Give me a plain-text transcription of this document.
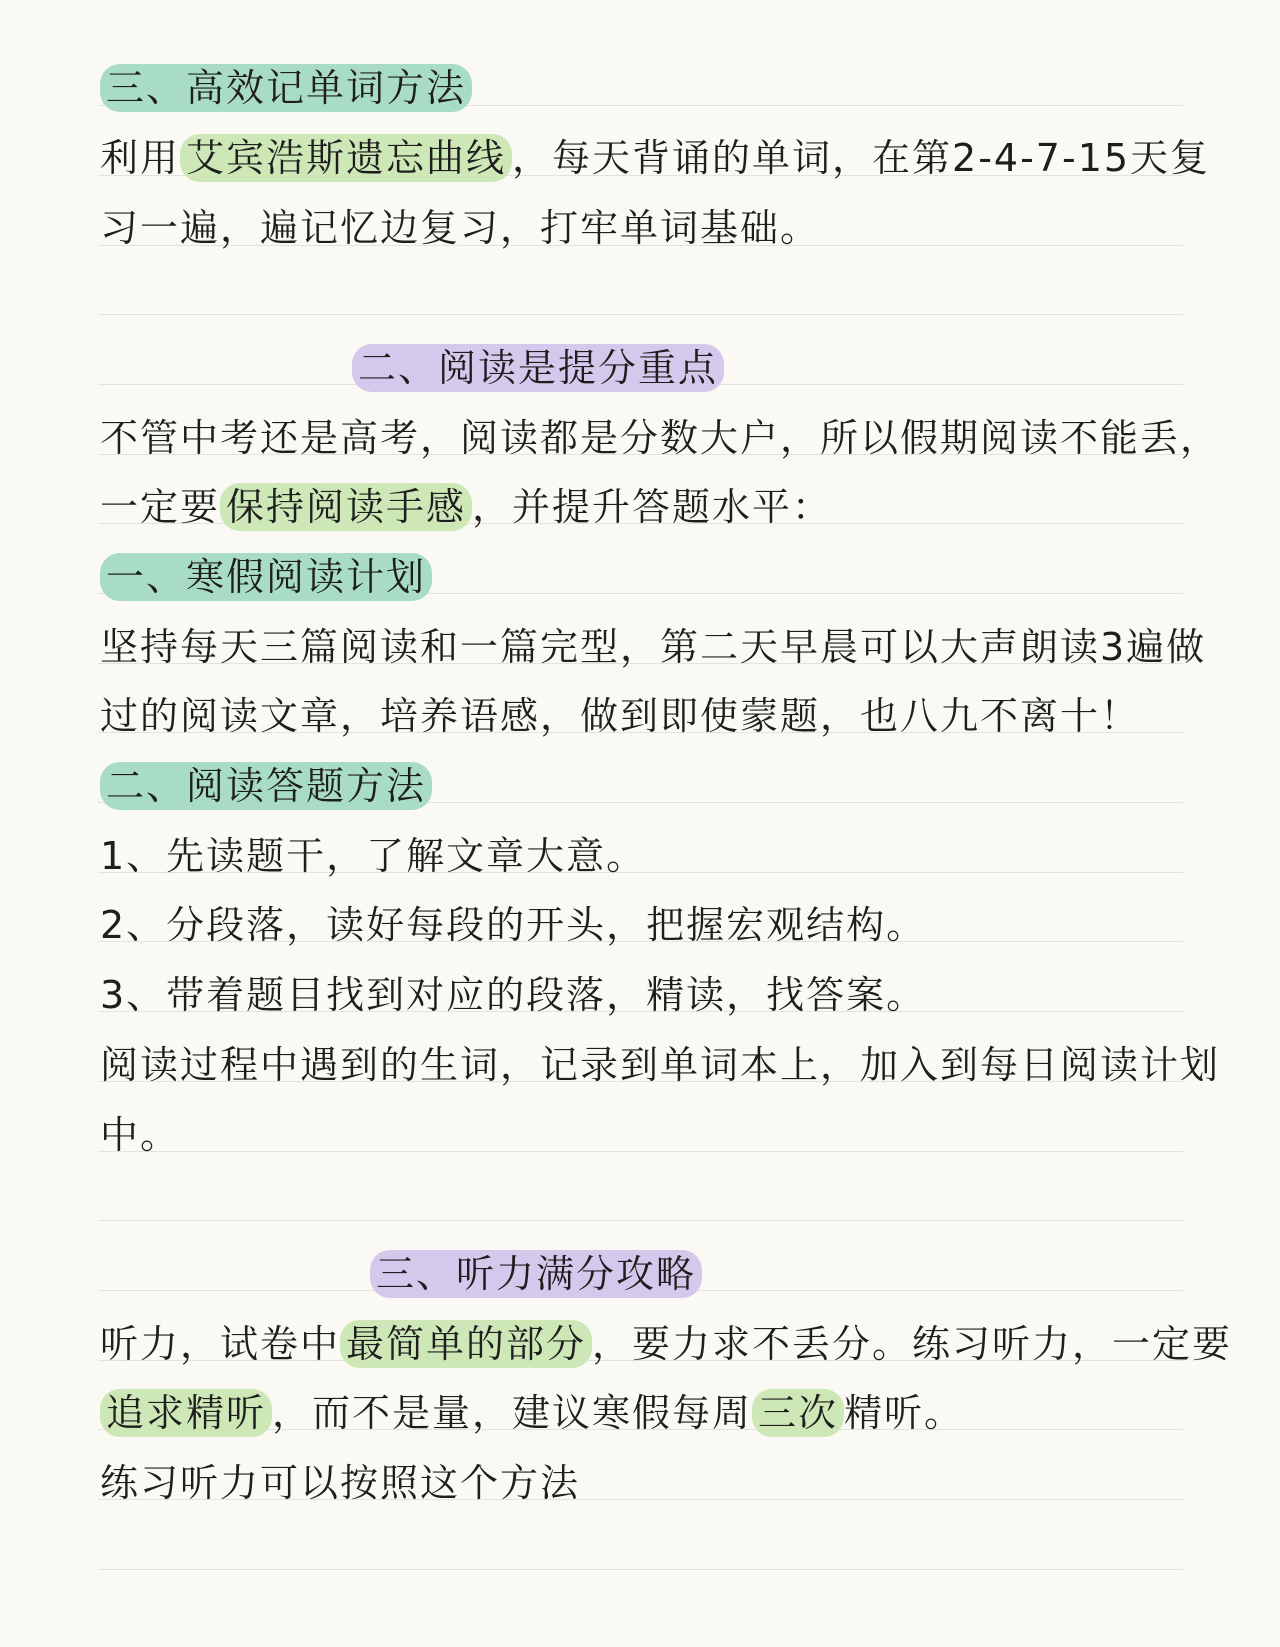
三、高效记单词方法
利用 艾宾浩斯遗忘曲线 ，每天背诵的单词，在第2-4-7-15天复
习一遍，遍记忆边复习，打牢单词基础。
二、阅读是提分重点
不管中考还是高考，阅读都是分数大户，所以假期阅读不能丢，
一定要 保持阅读手感 ，并提升答题水平：
一、寒假阅读计划
坚持每天三篇阅读和一篇完型，第二天早晨可以大声朗读3遍做
过的阅读文章，培养语感，做到即使蒙题，也八九不离十！
二、阅读答题方法
1、先读题干，了解文章大意。
2、分段落，读好每段的开头，把握宏观结构。
3、带着题目找到对应的段落，精读，找答案。
阅读过程中遇到的生词，记录到单词本上，加入到每日阅读计划
中。
三、听力满分攻略
听力，试卷中 最简单的部分 ，要力求不丢分。练习听力，一定要
追求精听 ，而不是量，建议寒假每周 三次 精听。
练习听力可以按照这个方法
